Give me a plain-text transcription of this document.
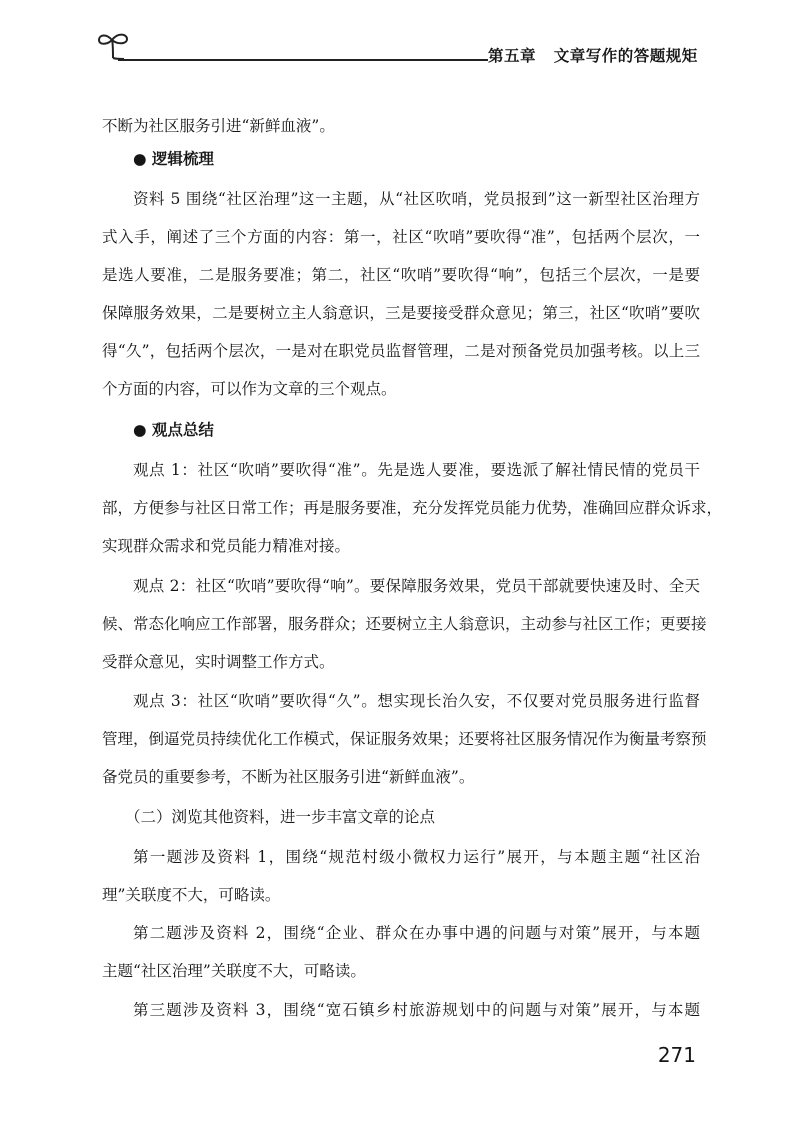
第五章   文章写作的答题规矩
不断为社区服务引进“新鲜血液”。
● 逻辑梳理
资料 5 围绕“社区治理”这一主题，从“社区吹哨，党员报到”这一新型社区治理方
式入手，阐述了三个方面的内容：第一，社区“吹哨”要吹得“准”，包括两个层次，一
是选人要准，二是服务要准；第二，社区“吹哨”要吹得“响”，包括三个层次，一是要
保障服务效果，二是要树立主人翁意识，三是要接受群众意见；第三，社区“吹哨”要吹
得“久”，包括两个层次，一是对在职党员监督管理，二是对预备党员加强考核。以上三
个方面的内容，可以作为文章的三个观点。
● 观点总结
观点 1：社区“吹哨”要吹得“准”。先是选人要准，要选派了解社情民情的党员干
部，方便参与社区日常工作；再是服务要准，充分发挥党员能力优势，准确回应群众诉求，
实现群众需求和党员能力精准对接。
观点 2：社区“吹哨”要吹得“响”。要保障服务效果，党员干部就要快速及时、全天
候、常态化响应工作部署，服务群众；还要树立主人翁意识，主动参与社区工作；更要接
受群众意见，实时调整工作方式。
观点 3：社区“吹哨”要吹得“久”。想实现长治久安，不仅要对党员服务进行监督
管理，倒逼党员持续优化工作模式，保证服务效果；还要将社区服务情况作为衡量考察预
备党员的重要参考，不断为社区服务引进“新鲜血液”。
（二）浏览其他资料，进一步丰富文章的论点
第一题涉及资料 1，围绕“规范村级小微权力运行”展开，与本题主题“社区治
理”关联度不大，可略读。
第二题涉及资料 2，围绕“企业、群众在办事中遇的问题与对策”展开，与本题
主题“社区治理”关联度不大，可略读。
第三题涉及资料 3，围绕“宽石镇乡村旅游规划中的问题与对策”展开，与本题
271
